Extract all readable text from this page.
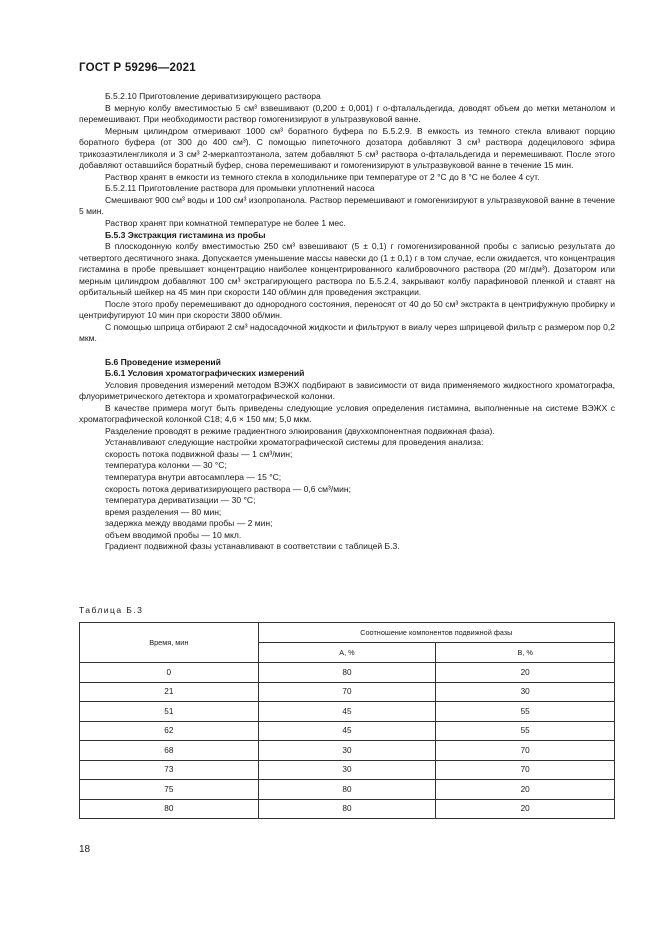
ГОСТ Р 59296—2021

Б.5.2.10 Приготовление дериватизирующего раствора

В мерную колбу вместимостью 5 см³ взвешивают (0,200 ± 0,001) г о-фталальдегида, доводят объем до метки метанолом и перемешивают. При необходимости раствор гомогенизируют в ультразвуковой ванне.

Мерным цилиндром отмеривают 1000 см³ боратного буфера по Б.5.2.9. В емкость из темного стекла вливают порцию боратного буфера (от 300 до 400 см³). С помощью пипеточного дозатора добавляют 3 см³ раствора додецилового эфира трикозаэтиленгликоля и 3 см³ 2-меркаптоэтанола, затем добавляют 5 см³ раствора о-фталальдегида и перемешивают. После этого добавляют оставшийся боратный буфер, снова перемешивают и гомогенизируют в ультразвуковой ванне в течение 15 мин.

Раствор хранят в емкости из темного стекла в холодильнике при температуре от 2 °С до 8 °С не более 4 сут.

Б.5.2.11 Приготовление раствора для промывки уплотнений насоса

Смешивают 900 см³ воды и 100 см³ изопропанола. Раствор перемешивают и гомогенизируют в ультразвуковой ванне в течение 5 мин.

Раствор хранят при комнатной температуре не более 1 мес.

Б.5.3 Экстракция гистамина из пробы

В плоскодонную колбу вместимостью 250 см³ взвешивают (5 ± 0,1) г гомогенизированной пробы с записью результата до четвертого десятичного знака. Допускается уменьшение массы навески до (1 ± 0,1) г в том случае, если ожидается, что концентрация гистамина в пробе превышает концентрацию наиболее концентрированного калибровочного раствора (20 мг/дм³). Дозатором или мерным цилиндром добавляют 100 см³ экстрагирующего раствора по Б.5.2.4, закрывают колбу парафиновой пленкой и ставят на орбитальный шейкер на 45 мин при скорости 140 об/мин для проведения экстракции.

После этого пробу перемешивают до однородного состояния, переносят от 40 до 50 см³ экстракта в центрифужную пробирку и центрифугируют 10 мин при скорости 3800 об/мин.

С помощью шприца отбирают 2 см³ надосадочной жидкости и фильтруют в виалу через шприцевой фильтр с размером пор 0,2 мкм.

Б.6 Проведение измерений

Б.6.1 Условия хроматографических измерений

Условия проведения измерений методом ВЭЖХ подбирают в зависимости от вида применяемого жидкостного хроматографа, флуориметрического детектора и хроматографической колонки.

В качестве примера могут быть приведены следующие условия определения гистамина, выполненные на системе ВЭЖХ с хроматографической колонкой С18; 4,6 × 150 мм; 5,0 мкм.

Разделение проводят в режиме градиентного элюирования (двухкомпонентная подвижная фаза).

Устанавливают следующие настройки хроматографической системы для проведения анализа:

скорость потока подвижной фазы — 1 см³/мин;

температура колонки — 30 °С;

температура внутри автосамплера — 15 °С;

скорость потока дериватизирующего раствора — 0,6 см³/мин;

температура дериватизации — 30 °С;

время разделения — 80 мин;

задержка между вводами пробы — 2 мин;

объем вводимой пробы — 10 мкл.

Градиент подвижной фазы устанавливают в соответствии с таблицей Б.3.

Таблица Б.3
Время, мин	Соотношение компонентов подвижной фазы	
	А, %	В, %
0	80	20
21	70	30
51	45	55
62	45	55
68	30	70
73	30	70
75	80	20
80	80	20
18
